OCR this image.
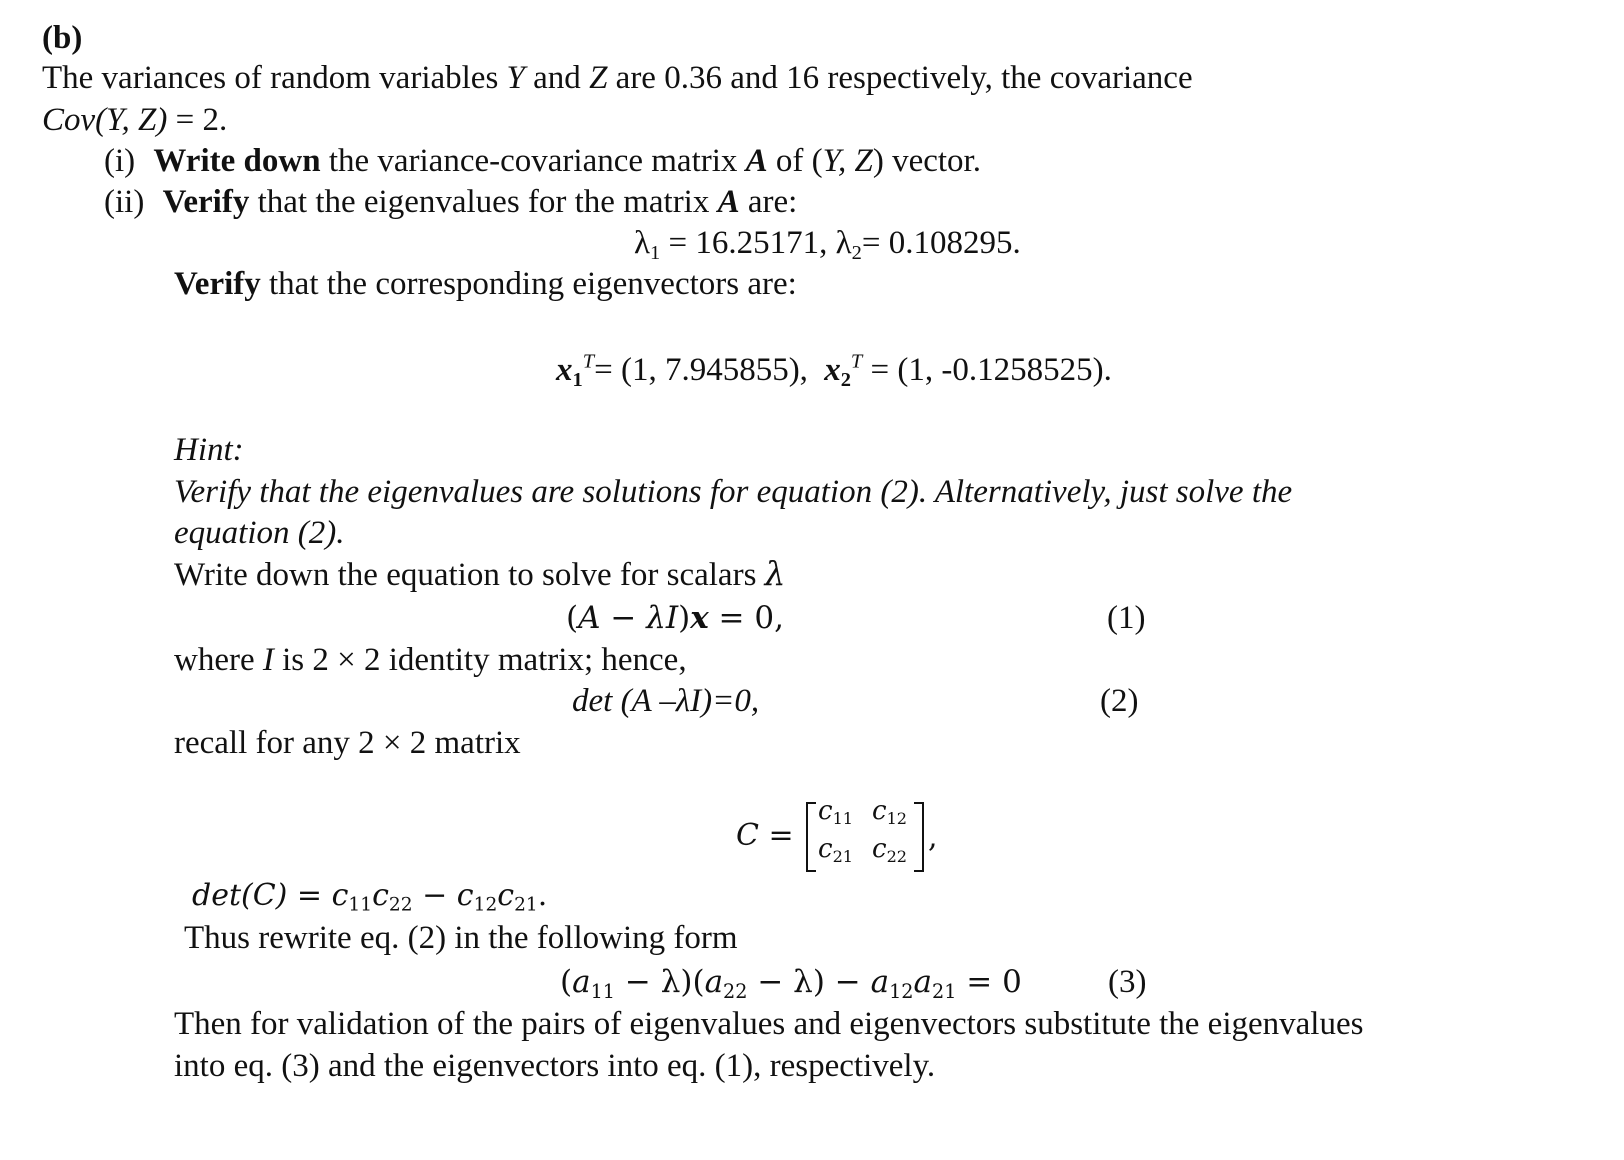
(b)
The variances of random variables Y and Z are 0.36 and 16 respectively, the covariance
Cov(Y, Z) = 2.
(i) Write down the variance-covariance matrix A of (Y, Z) vector.
(ii) Verify that the eigenvalues for the matrix A are:
$\lambda_1 = 16.25171$, $\lambda_2= 0.108295$.
Verify that the corresponding eigenvectors are:
$x_1^T= (1$, 7.945855), $x_2^T = (1$, -0.1258525).
Hint:
Verify that the eigenvalues are solutions for equation (2). Alternatively, just solve the
equation (2).
Write down the equation to solve for scalars λ
(A − λI)x = 0,	(1)
where I is 2 × 2 identity matrix; hence,
det (A –λI)=0,	(2)
recall for any 2 × 2 matrix
C =
$c_{11}$ $c_{12}$
$c_{21}$ $c_{22}$
,
$\det(C) = c_{11}c_{22} - c_{12}c_{21}$.
Thus rewrite eq. (2) in the following form
$(a_{11} - \lambda)(a_{22} - \lambda) - a_{12}a_{21} = 0$	(3)
Then for validation of the pairs of eigenvalues and eigenvectors substitute the eigenvalues
into eq. (3) and the eigenvectors into eq. (1), respectively.
